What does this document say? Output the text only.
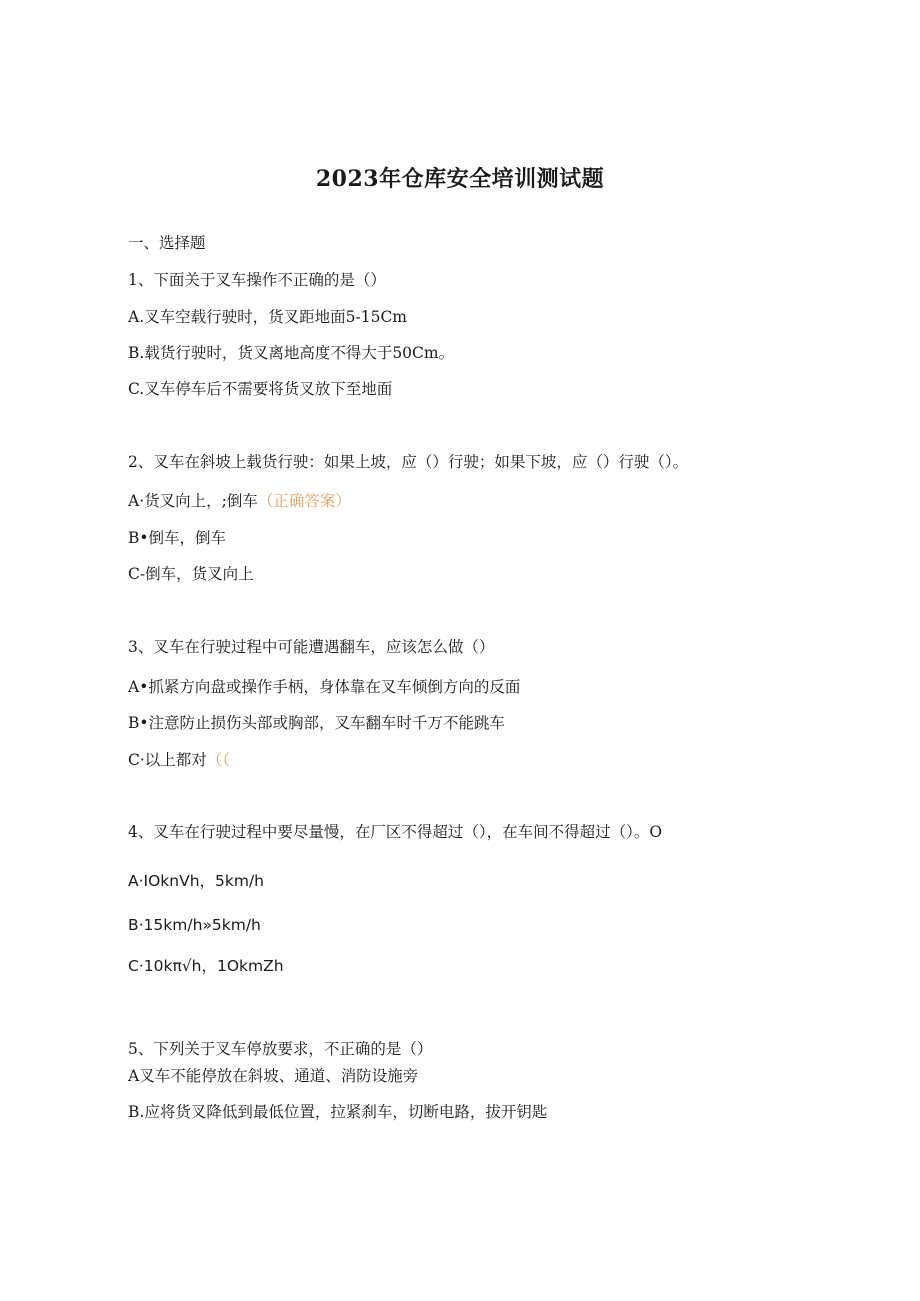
2023年仓库安全培训测试题
一、选择题
1、下面关于叉车操作不正确的是（）
A.叉车空载行驶时，货叉距地面5-15Cm
B.载货行驶时，货叉离地高度不得大于50Cm。
C.叉车停车后不需要将货叉放下至地面
2、叉车在斜坡上载货行驶：如果上坡，应（）行驶；如果下坡，应（）行驶（）。
A·货叉向上，;倒车（正确答案）
B•倒车，倒车
C-倒车，货叉向上
3、叉车在行驶过程中可能遭遇翻车，应该怎么做（）
A•抓紧方向盘或操作手柄，身体靠在叉车倾倒方向的反面
B•注意防止损伤头部或胸部，叉车翻车时千万不能跳车
C·以上都对（（
4、叉车在行驶过程中要尽量慢，在厂区不得超过（），在车间不得超过（）。O
A·IOknVh，5km∕h
B·15km∕h»5km/h
C·10kπ√h，1OkmZh
5、下列关于叉车停放要求，不正确的是（）
A叉车不能停放在斜坡、通道、消防设施旁
B.应将货叉降低到最低位置，拉紧刹车，切断电路，拔开钥匙
